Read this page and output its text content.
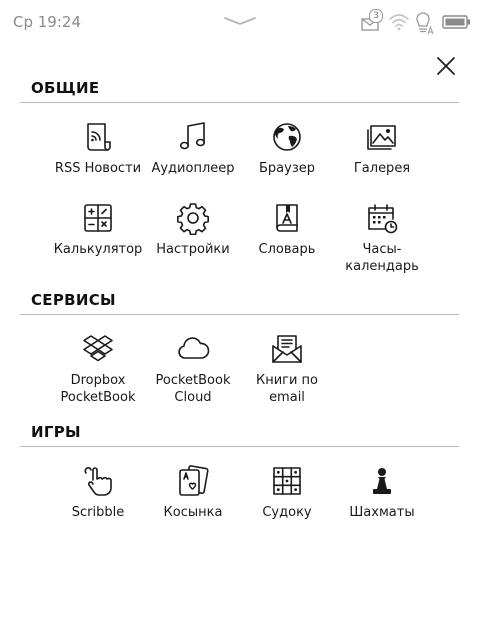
Ср 19:24	3
ОБЩИЕ
RSS Новости Аудиоплеер	Браузер	Галерея
Калькулятор	Настройки	Словарь	Часы-
календарь
СЕРВИСЫ
Dropbox
PocketBook
PocketBook
Cloud
Книги по
email
ИГРЫ
Scribble	Косынка	Судоку	Шахматы
